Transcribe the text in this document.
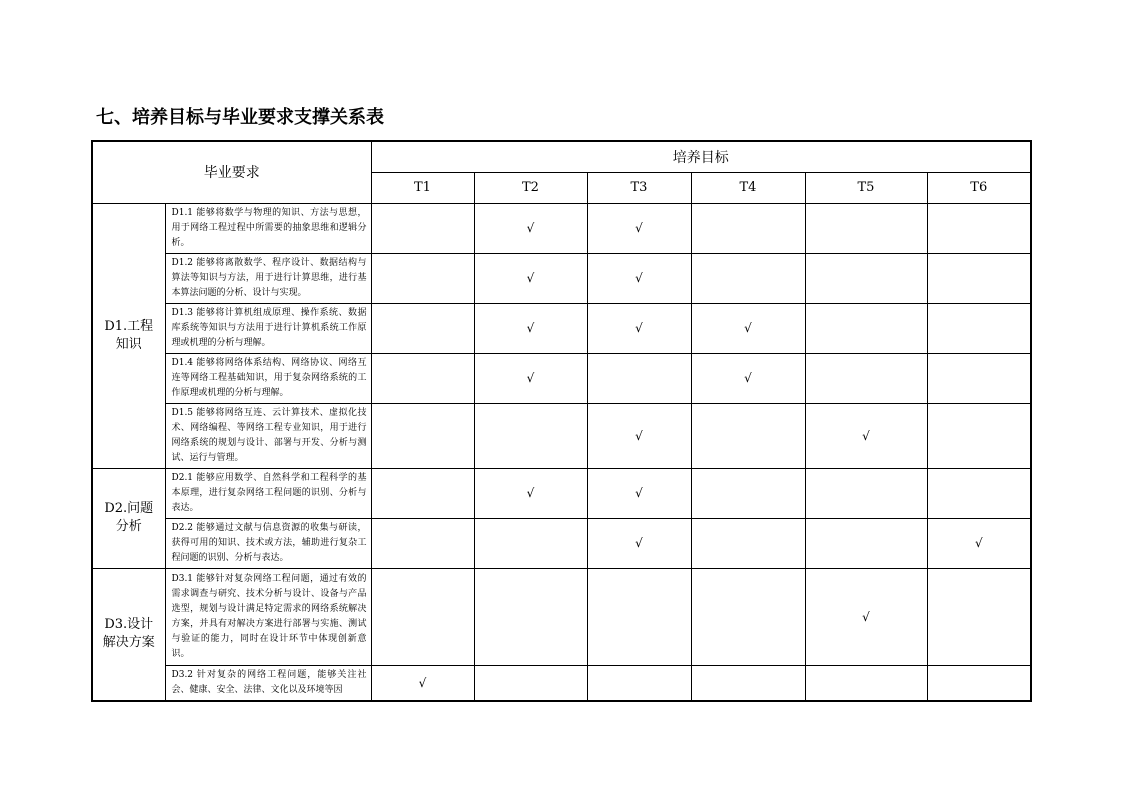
七、培养目标与毕业要求支撑关系表
毕业要求		培养目标					
		T1	T2	T3	T4	T5	T6

D1.工程
知识	D1.1 能够将数学与物理的知识、方法与思想，用于网络工程过程中所需要的抽象思维和逻辑分析。		√	√			
	D1.2 能够将离散数学、程序设计、数据结构与算法等知识与方法，用于进行计算思维，进行基本算法问题的分析、设计与实现。		√	√			
	D1.3 能够将计算机组成原理、操作系统、数据库系统等知识与方法用于进行计算机系统工作原理或机理的分析与理解。		√	√	√		
	D1.4 能够将网络体系结构、网络协议、网络互连等网络工程基础知识，用于复杂网络系统的工作原理或机理的分析与理解。		√		√		
	D1.5 能够将网络互连、云计算技术、虚拟化技术、网络编程、等网络工程专业知识，用于进行网络系统的规划与设计、部署与开发、分析与测试、运行与管理。			√		√	

D2.问题
分析	D2.1 能够应用数学、自然科学和工程科学的基本原理，进行复杂网络工程问题的识别、分析与表达。		√	√			
	D2.2 能够通过文献与信息资源的收集与研读，获得可用的知识、技术或方法，辅助进行复杂工程问题的识别、分析与表达。			√			√

D3.设计
解决方案	D3.1 能够针对复杂网络工程问题，通过有效的需求调查与研究、技术分析与设计、设备与产品选型，规划与设计满足特定需求的网络系统解决方案，并具有对解决方案进行部署与实施、测试与验证的能力，同时在设计环节中体现创新意识。					√	
	D3.2 针对复杂的网络工程问题，能够关注社会、健康、安全、法律、文化以及环境等因	√					
